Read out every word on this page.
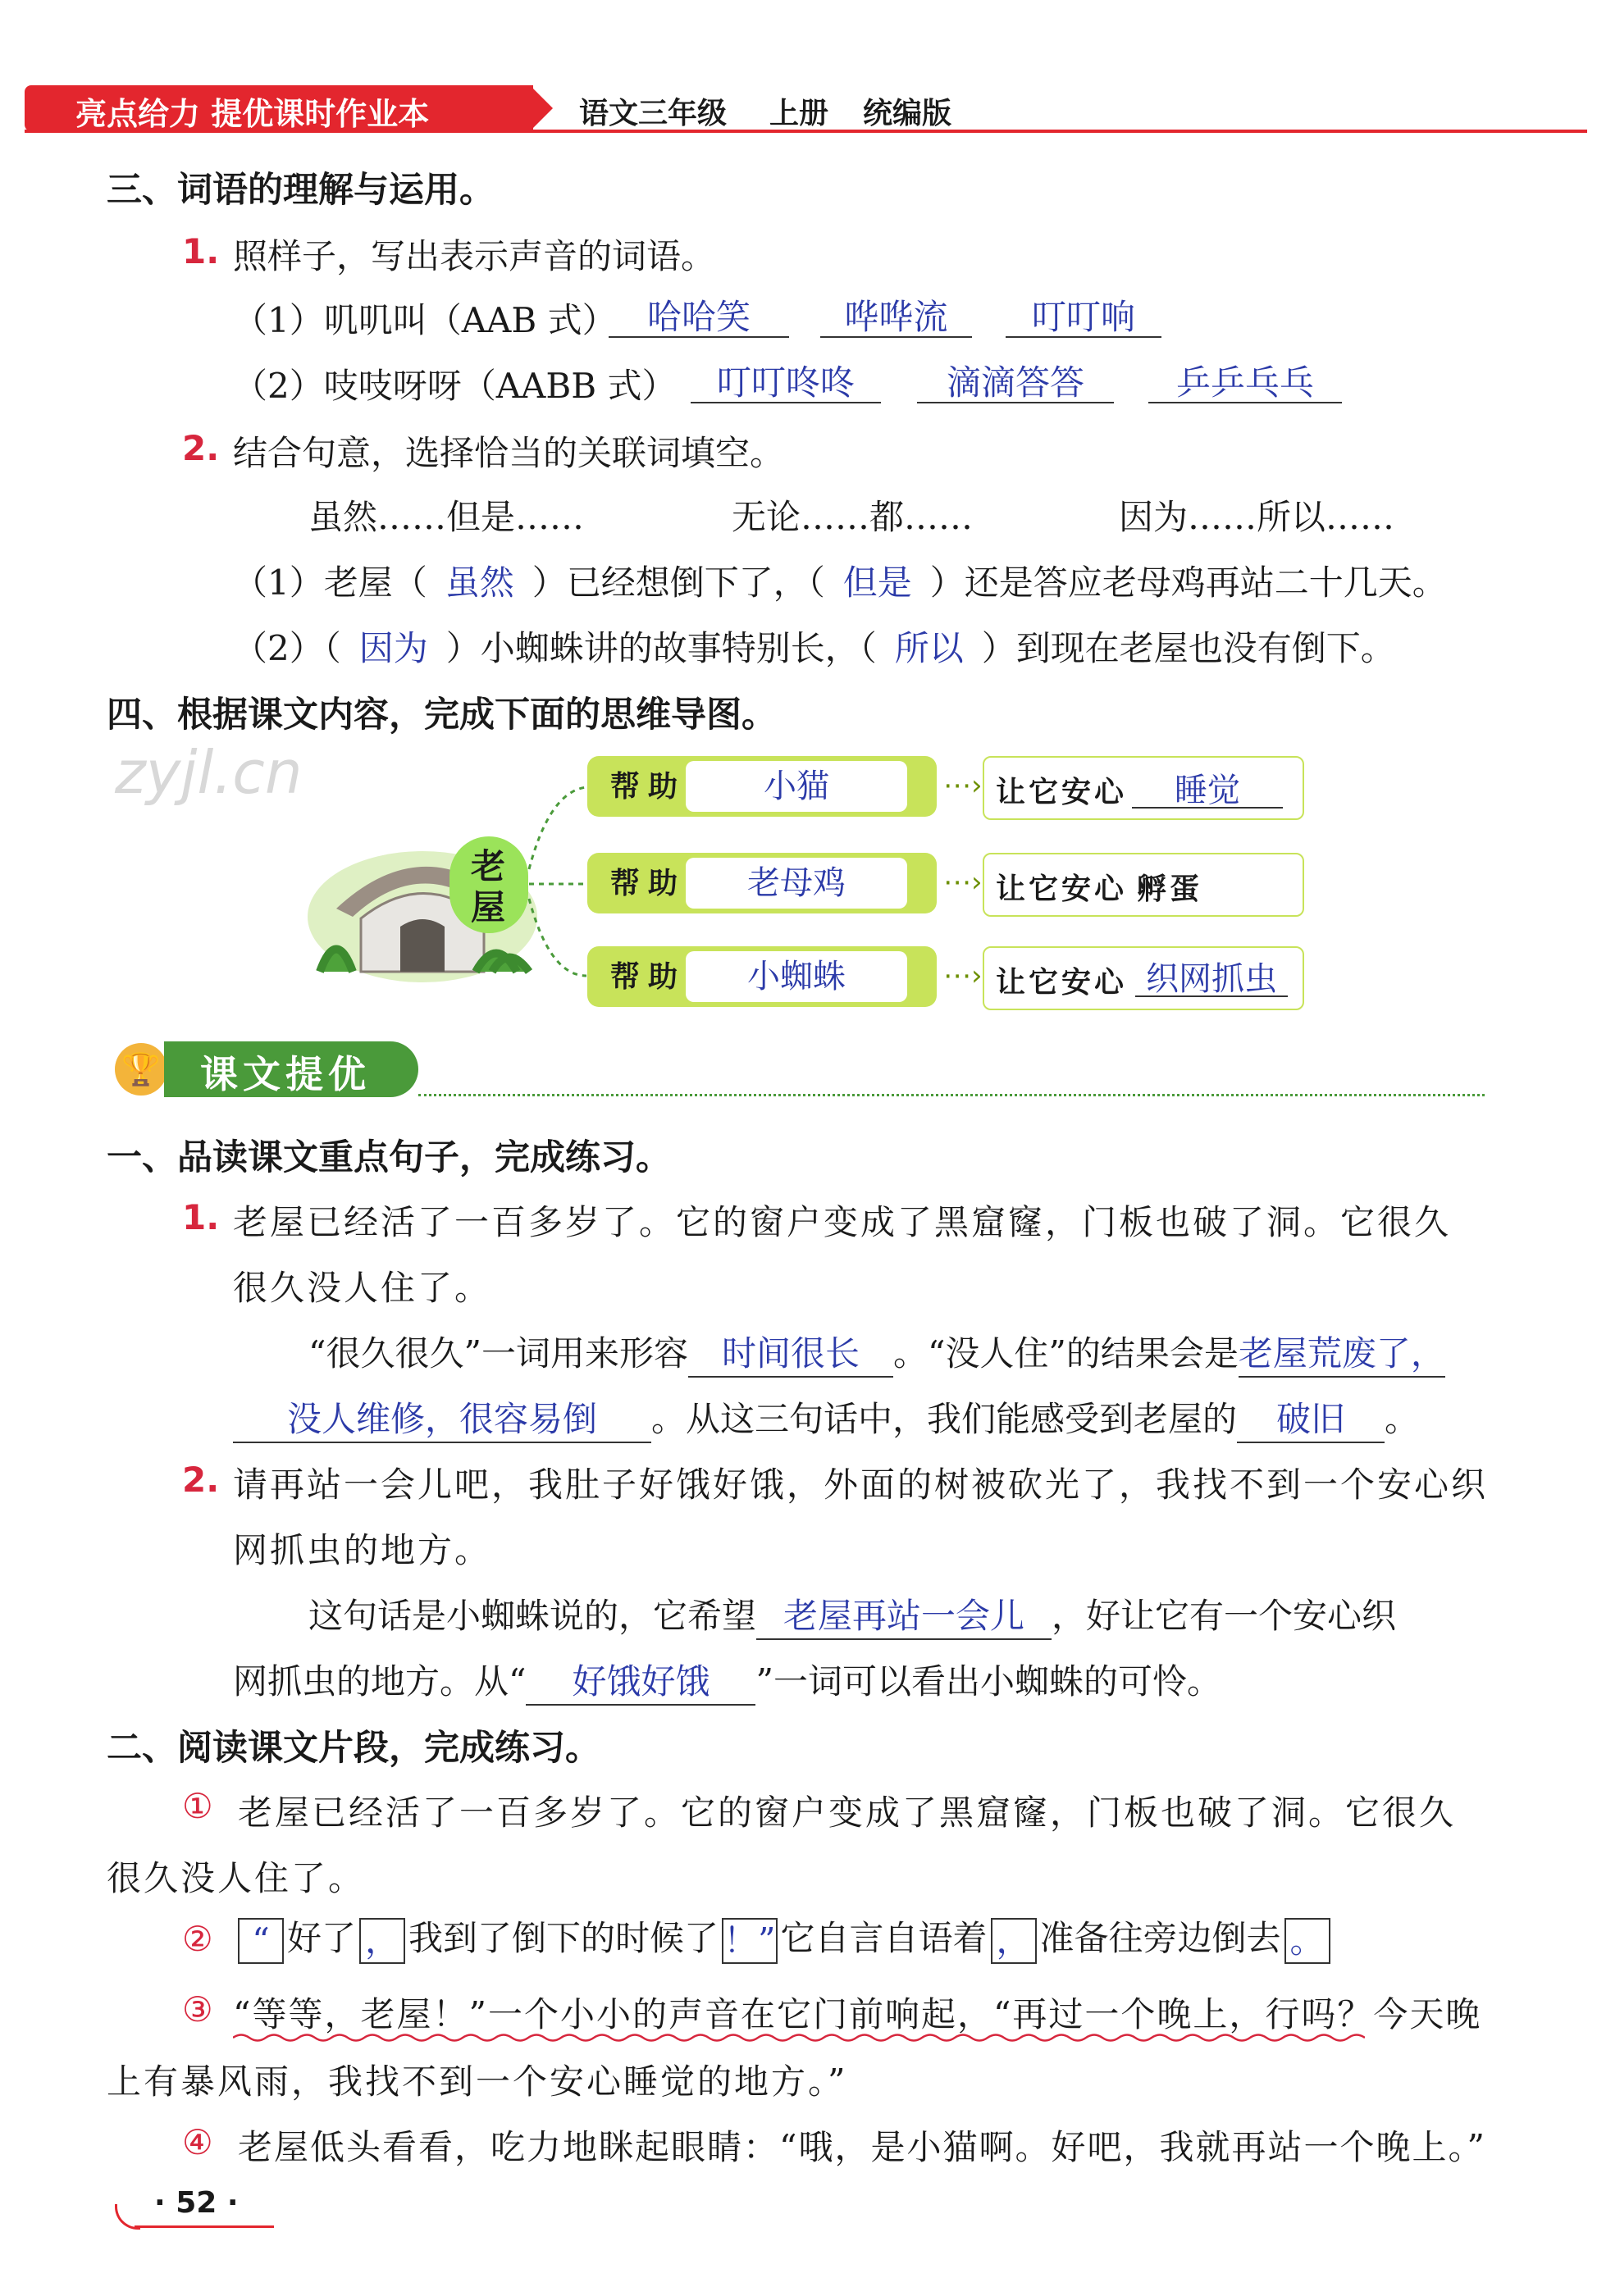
亮点给力 提优课时作业本	语文三年级 上册 统编版
三、词语的理解与运用。
1. 照样子，写出表示声音的词语。
（1）叽叽叫（AAB 式） 哈哈笑	哗哗流	叮叮响
（2）吱吱呀呀（AABB 式）	叮叮咚咚	滴滴答答	乒乒乓乓
2. 结合句意，选择恰当的关联词填空。
虽然……但是……	无论……都……	因为……所以……
（1）老屋（ 虽然 ）已经想倒下了，（ 但是 ）还是答应老母鸡再站二十几天。
（2）（ 因为 ）小蜘蛛讲的故事特别长，（ 所以 ）到现在老屋也没有倒下。
四、根据课文内容，完成下面的思维导图。
zyjl.cn
老
屋
帮助	小猫	⋯› 让它安心	睡觉
帮助	老母鸡	⋯› 让它安心 孵蛋
帮助	小蜘蛛	⋯› 让它安心 织网抓虫
🏆 课文提优
一、品读课文重点句子，完成练习。
1. 老屋已经活了一百多岁了。它的窗户变成了黑窟窿，门板也破了洞。它很久
很久没人住了。
“很久很久”一词用来形容 时间很长 。“没人住”的结果会是老屋荒废了，
没人维修，很容易倒 。从这三句话中，我们能感受到老屋的 破旧 。
2. 请再站一会儿吧，我肚子好饿好饿，外面的树被砍光了，我找不到一个安心织
网抓虫的地方。
这句话是小蜘蛛说的，它希望 老屋再站一会儿 ，好让它有一个安心织
网抓虫的地方。从“ 好饿好饿 ”一词可以看出小蜘蛛的可怜。
二、阅读课文片段，完成练习。
① 老屋已经活了一百多岁了。它的窗户变成了黑窟窿，门板也破了洞。它很久
很久没人住了。
②	“ 好了 ， 我到了倒下的时候了 ！” 它自言自语着 ， 准备往旁边倒去 。
③ “等等，老屋！”一个小小的声音在它门前响起，“再过一个晚上，行吗？今天晚
上有暴风雨，我找不到一个安心睡觉的地方。”
④ 老屋低头看看，吃力地眯起眼睛：“哦，是小猫啊。好吧，我就再站一个晚上。”
· 52 ·
